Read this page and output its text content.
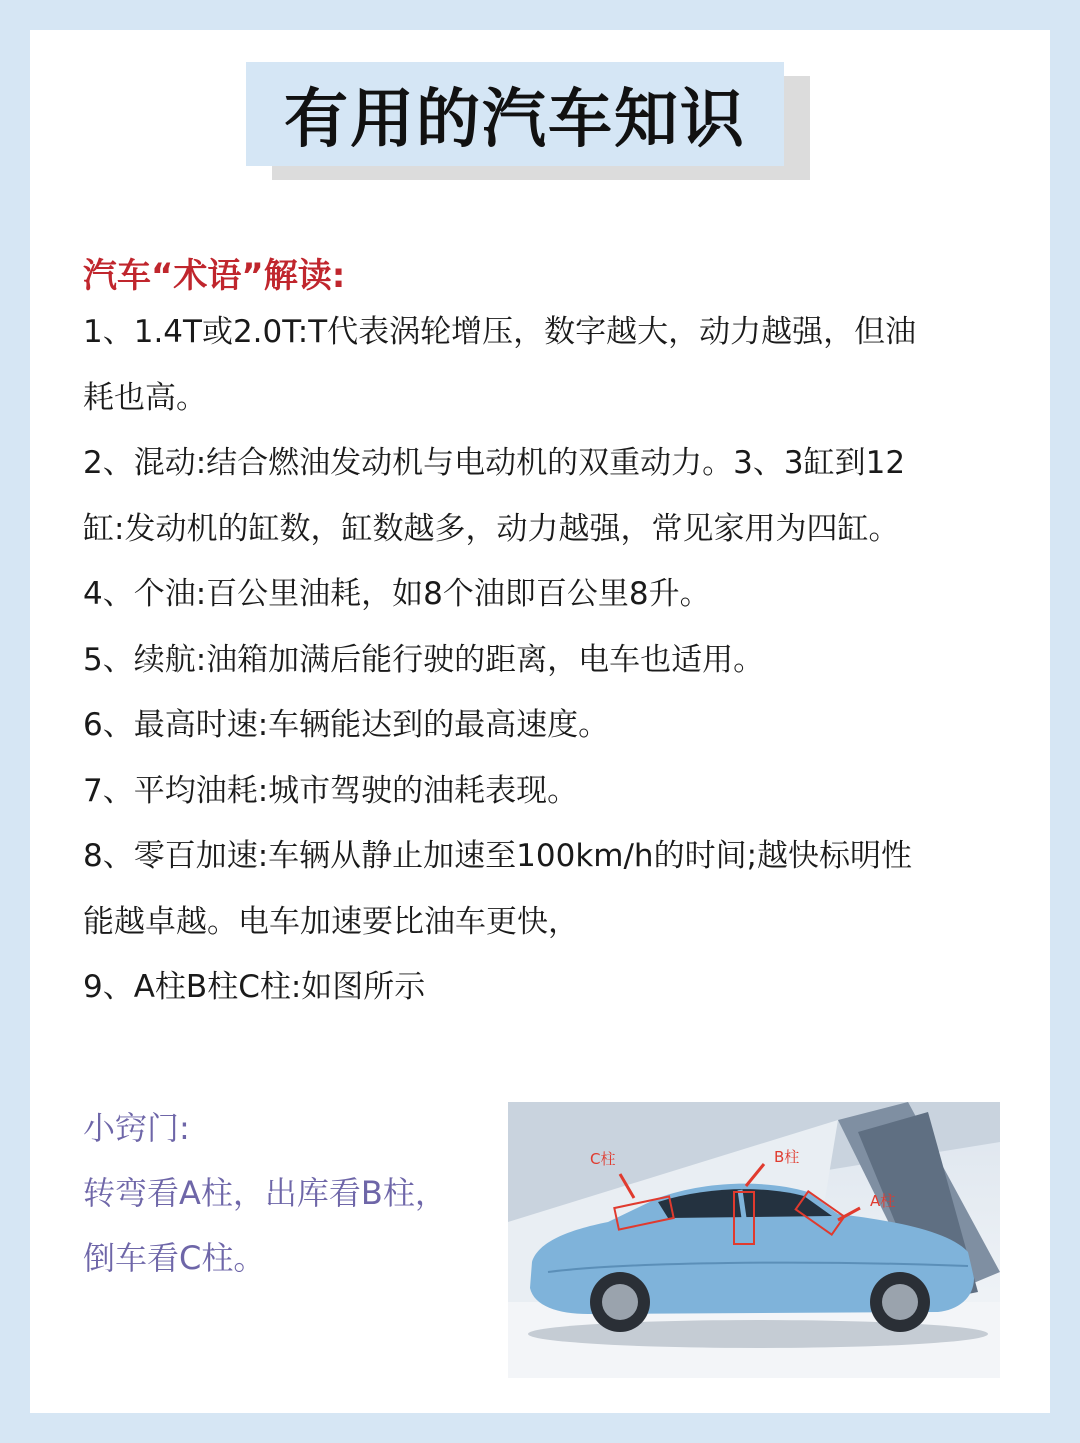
有用的汽车知识
汽车“术语”解读:

1、1.4T或2.0T:T代表涡轮增压，数字越大，动力越强，但油耗也高。

2、混动:结合燃油发动机与电动机的双重动力。3、3缸到12缸:发动机的缸数，缸数越多，动力越强，常见家用为四缸。

4、个油:百公里油耗，如8个油即百公里8升。

5、续航:油箱加满后能行驶的距离，电车也适用。

6、最高时速:车辆能达到的最高速度。

7、平均油耗:城市驾驶的油耗表现。

8、零百加速:车辆从静止加速至100km/h的时间;越快标明性能越卓越。电车加速要比油车更快，

9、A柱B柱C柱:如图所示

小窍门:
转弯看A柱，出库看B柱，
倒车看C柱。
C柱	B柱
A柱
